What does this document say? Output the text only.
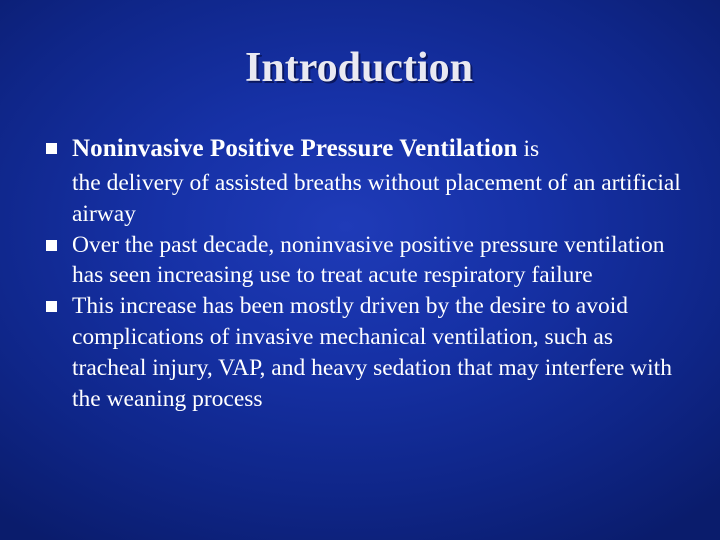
Introduction
Noninvasive Positive Pressure Ventilation is
the delivery of assisted breaths without placement of an artificial airway
Over the past decade, noninvasive positive pressure ventilation has seen increasing use to treat acute respiratory failure
This increase has been mostly driven by the desire to avoid complications of invasive mechanical ventilation, such as tracheal injury, VAP, and heavy sedation that may interfere with the weaning process
